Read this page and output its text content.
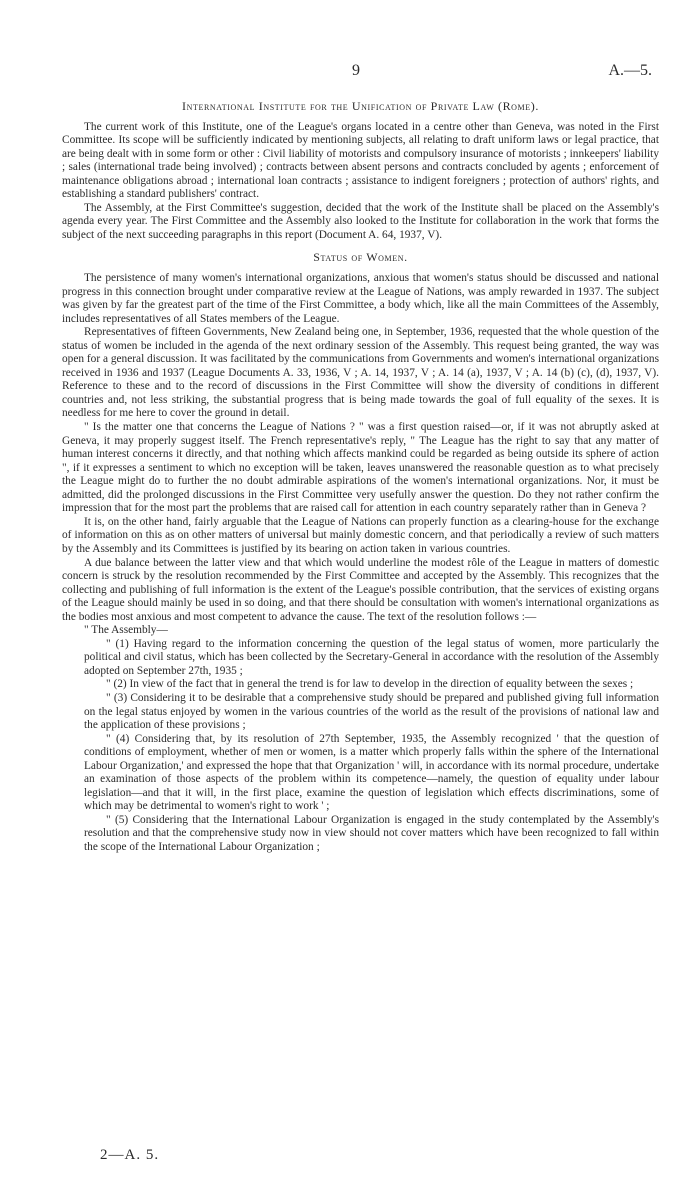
9	A.—5.
International Institute for the Unification of Private Law (Rome).

The current work of this Institute, one of the League's organs located in a centre other than Geneva, was noted in the First Committee. Its scope will be sufficiently indicated by mentioning subjects, all relating to draft uniform laws or legal practice, that are being dealt with in some form or other : Civil liability of motorists and compulsory insurance of motorists ; innkeepers' liability ; sales (international trade being involved) ; contracts between absent persons and contracts concluded by agents ; enforcement of maintenance obligations abroad ; international loan contracts ; assistance to indigent foreigners ; protection of authors' rights, and establishing a standard publishers' contract.

The Assembly, at the First Committee's suggestion, decided that the work of the Institute shall be placed on the Assembly's agenda every year. The First Committee and the Assembly also looked to the Institute for collaboration in the work that forms the subject of the next succeeding paragraphs in this report (Document A. 64, 1937, V).

Status of Women.

The persistence of many women's international organizations, anxious that women's status should be discussed and national progress in this connection brought under comparative review at the League of Nations, was amply rewarded in 1937. The subject was given by far the greatest part of the time of the First Committee, a body which, like all the main Committees of the Assembly, includes representatives of all States members of the League.

Representatives of fifteen Governments, New Zealand being one, in September, 1936, requested that the whole question of the status of women be included in the agenda of the next ordinary session of the Assembly. This request being granted, the way was open for a general discussion. It was facilitated by the communications from Governments and women's international organizations received in 1936 and 1937 (League Documents A. 33, 1936, V ; A. 14, 1937, V ; A. 14 (a), 1937, V ; A. 14 (b) (c), (d), 1937, V). Reference to these and to the record of discussions in the First Committee will show the diversity of conditions in different countries and, not less striking, the substantial progress that is being made towards the goal of full equality of the sexes. It is needless for me here to cover the ground in detail.

" Is the matter one that concerns the League of Nations ? " was a first question raised—or, if it was not abruptly asked at Geneva, it may properly suggest itself. The French representative's reply, " The League has the right to say that any matter of human interest concerns it directly, and that nothing which affects mankind could be regarded as being outside its sphere of action ", if it expresses a sentiment to which no exception will be taken, leaves unanswered the reasonable question as to what precisely the League might do to further the no doubt admirable aspirations of the women's international organizations. Nor, it must be admitted, did the prolonged discussions in the First Committee very usefully answer the question. Do they not rather confirm the impression that for the most part the problems that are raised call for attention in each country separately rather than in Geneva ?

It is, on the other hand, fairly arguable that the League of Nations can properly function as a clearing-house for the exchange of information on this as on other matters of universal but mainly domestic concern, and that periodically a review of such matters by the Assembly and its Committees is justified by its bearing on action taken in various countries.

A due balance between the latter view and that which would underline the modest rôle of the League in matters of domestic concern is struck by the resolution recommended by the First Committee and accepted by the Assembly. This recognizes that the collecting and publishing of full information is the extent of the League's possible contribution, that the services of existing organs of the League should mainly be used in so doing, and that there should be consultation with women's international organizations as the bodies most anxious and most competent to advance the cause. The text of the resolution follows :—

" The Assembly—

" (1) Having regard to the information concerning the question of the legal status of women, more particularly the political and civil status, which has been collected by the Secretary-General in accordance with the resolution of the Assembly adopted on September 27th, 1935 ;

" (2) In view of the fact that in general the trend is for law to develop in the direction of equality between the sexes ;

" (3) Considering it to be desirable that a comprehensive study should be prepared and published giving full information on the legal status enjoyed by women in the various countries of the world as the result of the provisions of national law and the application of these provisions ;

" (4) Considering that, by its resolution of 27th September, 1935, the Assembly recognized ' that the question of conditions of employment, whether of men or women, is a matter which properly falls within the sphere of the International Labour Organization,' and expressed the hope that that Organization ' will, in accordance with its normal procedure, undertake an examination of those aspects of the problem within its competence—namely, the question of equality under labour legislation—and that it will, in the first place, examine the question of legislation which effects discriminations, some of which may be detrimental to women's right to work ' ;

" (5) Considering that the International Labour Organization is engaged in the study contemplated by the Assembly's resolution and that the comprehensive study now in view should not cover matters which have been recognized to fall within the scope of the International Labour Organization ;

2—A. 5.
